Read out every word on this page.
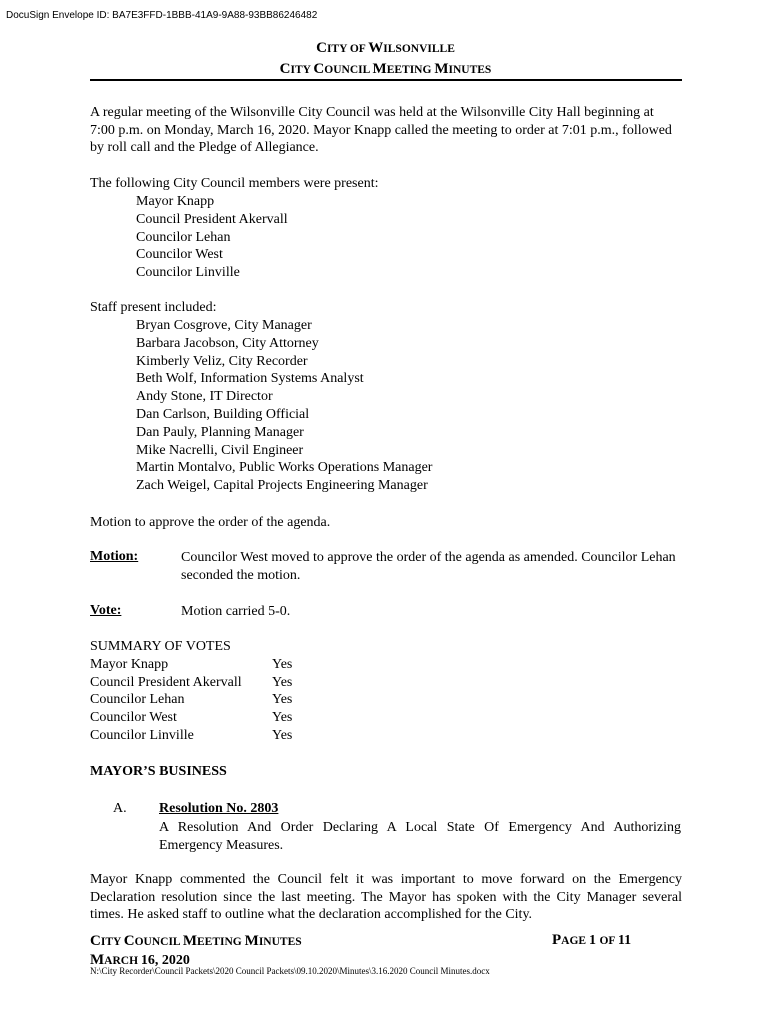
DocuSign Envelope ID: BA7E3FFD-1BBB-41A9-9A88-93BB86246482
CITY OF WILSONVILLE
CITY COUNCIL MEETING MINUTES
A regular meeting of the Wilsonville City Council was held at the Wilsonville City Hall beginning at 7:00 p.m. on Monday, March 16, 2020. Mayor Knapp called the meeting to order at 7:01 p.m., followed by roll call and the Pledge of Allegiance.
The following City Council members were present:
Mayor Knapp
Council President Akervall
Councilor Lehan
Councilor West
Councilor Linville
Staff present included:
Bryan Cosgrove, City Manager
Barbara Jacobson, City Attorney
Kimberly Veliz, City Recorder
Beth Wolf, Information Systems Analyst
Andy Stone, IT Director
Dan Carlson, Building Official
Dan Pauly, Planning Manager
Mike Nacrelli, Civil Engineer
Martin Montalvo, Public Works Operations Manager
Zach Weigel, Capital Projects Engineering Manager
Motion to approve the order of the agenda.
Motion:	Councilor West moved to approve the order of the agenda as amended. Councilor Lehan seconded the motion.
Vote:	Motion carried 5-0.
SUMMARY OF VOTES
Mayor Knapp	Yes
Council President Akervall	Yes
Councilor Lehan	Yes
Councilor West	Yes
Councilor Linville	Yes
MAYOR’S BUSINESS
A. Resolution No. 2803
A Resolution And Order Declaring A Local State Of Emergency And Authorizing Emergency Measures.
Mayor Knapp commented the Council felt it was important to move forward on the Emergency Declaration resolution since the last meeting. The Mayor has spoken with the City Manager several times. He asked staff to outline what the declaration accomplished for the City.
CITY COUNCIL MEETING MINUTES
MARCH 16, 2020
PAGE 1 OF 11
N:\City Recorder\Council Packets\2020 Council Packets\09.10.2020\Minutes\3.16.2020 Council Minutes.docx
